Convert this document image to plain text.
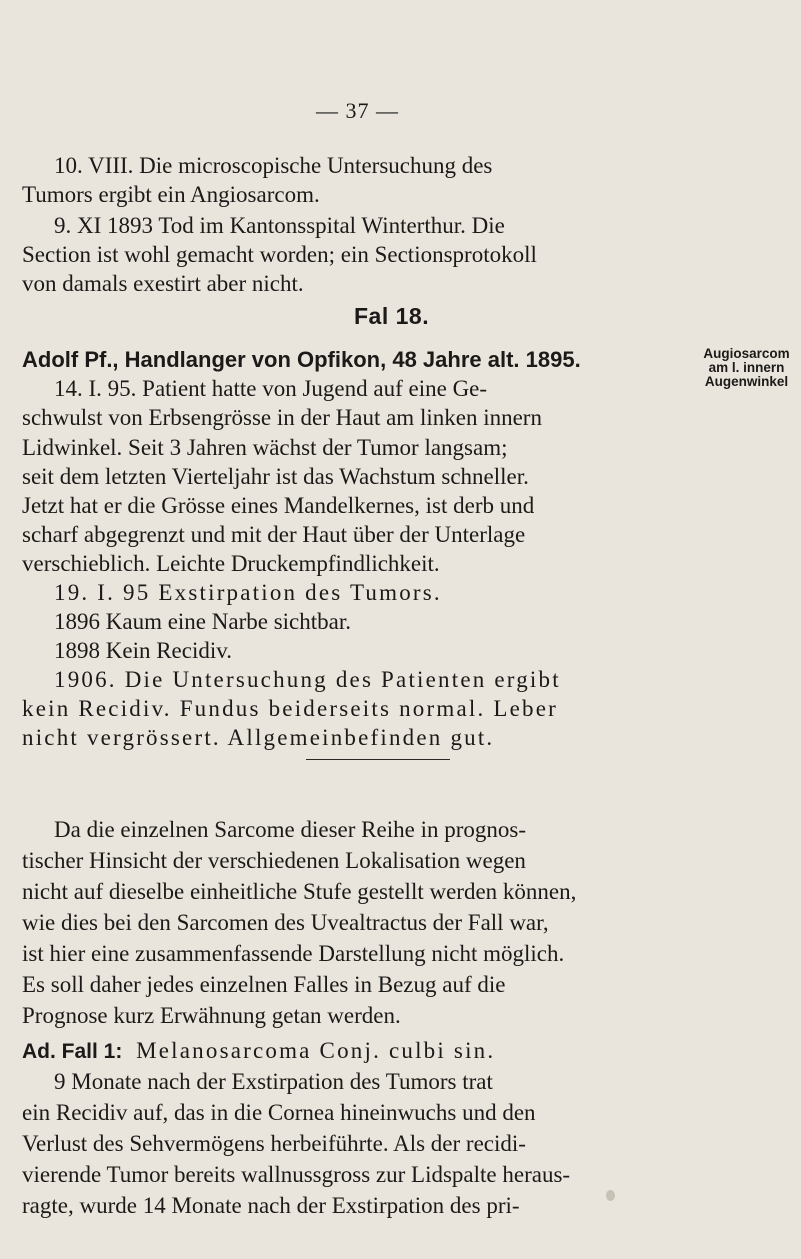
— 37 —
10. VIII. Die microscopische Untersuchung des
Tumors ergibt ein Angiosarcom.
9. XI 1893 Tod im Kantonsspital Winterthur. Die
Section ist wohl gemacht worden; ein Sectionsprotokoll
von damals exestirt aber nicht.
Fal 18.
Adolf Pf., Handlanger von Opfikon, 48 Jahre alt. 1895.
14. I. 95. Patient hatte von Jugend auf eine Ge-
schwulst von Erbsengrösse in der Haut am linken innern
Lidwinkel. Seit 3 Jahren wächst der Tumor langsam;
seit dem letzten Vierteljahr ist das Wachstum schneller.
Jetzt hat er die Grösse eines Mandelkernes, ist derb und
scharf abgegrenzt und mit der Haut über der Unterlage
verschieblich. Leichte Druckempfindlichkeit.
19. I. 95 Exstirpation des Tumors.
1896 Kaum eine Narbe sichtbar.
1898 Kein Recidiv.
1906. Die Untersuchung des Patienten ergibt
kein Recidiv. Fundus beiderseits normal. Leber
nicht vergrössert. Allgemeinbefinden gut.
Augiosarcom
am l. innern
Augenwinkel
Da die einzelnen Sarcome dieser Reihe in prognos-
tischer Hinsicht der verschiedenen Lokalisation wegen
nicht auf dieselbe einheitliche Stufe gestellt werden können,
wie dies bei den Sarcomen des Uvealtractus der Fall war,
ist hier eine zusammenfassende Darstellung nicht möglich.
Es soll daher jedes einzelnen Falles in Bezug auf die
Prognose kurz Erwähnung getan werden.
Ad. Fall 1: Melanosarcoma Conj. culbi sin.
9 Monate nach der Exstirpation des Tumors trat
ein Recidiv auf, das in die Cornea hineinwuchs und den
Verlust des Sehvermögens herbeiführte. Als der recidi-
vierende Tumor bereits wallnussgross zur Lidspalte heraus-
ragte, wurde 14 Monate nach der Exstirpation des pri-
